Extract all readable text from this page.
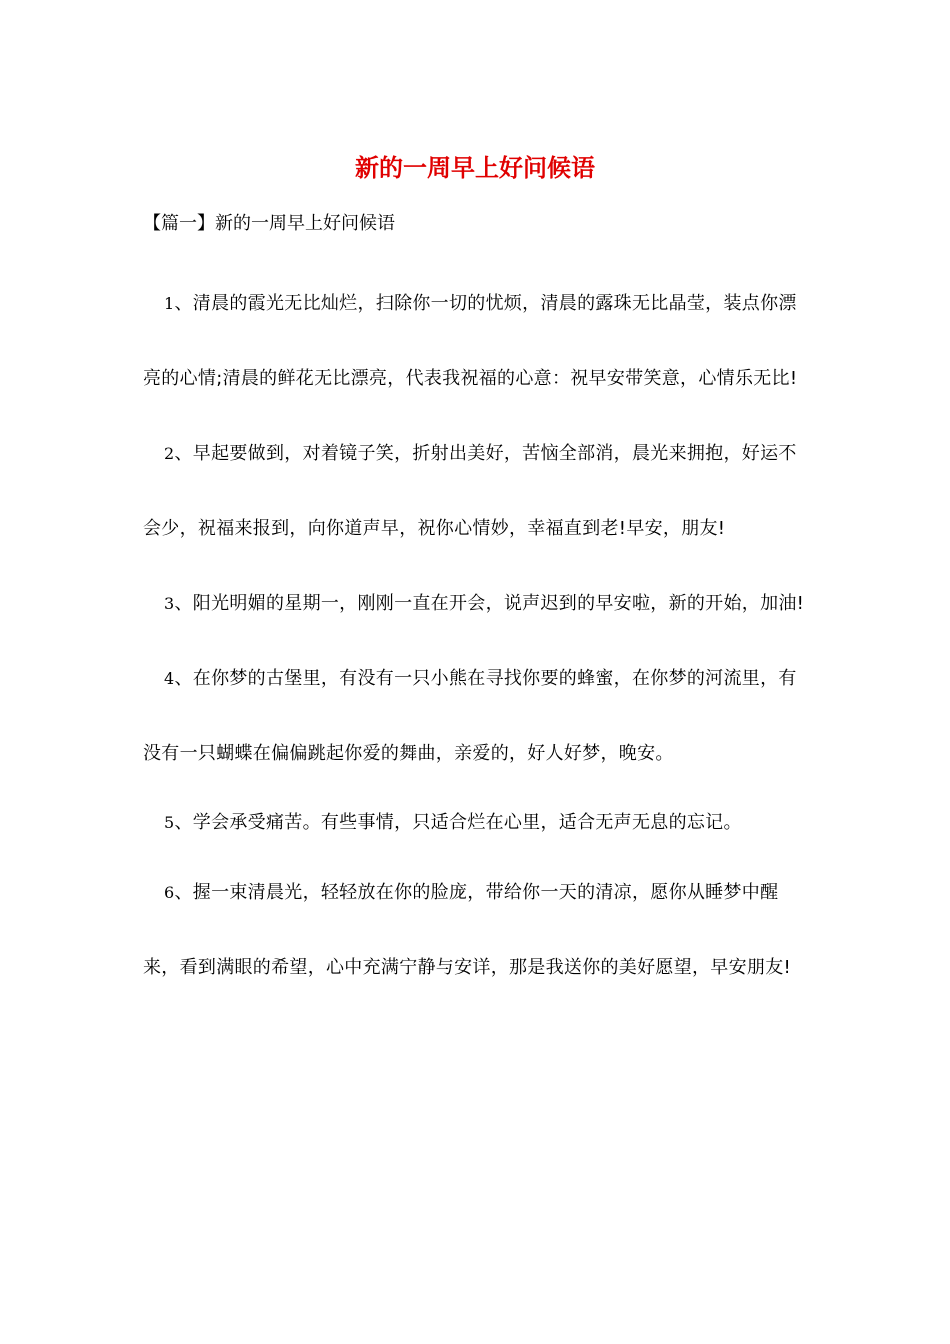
新的一周早上好问候语
【篇一】新的一周早上好问候语

1、清晨的霞光无比灿烂，扫除你一切的忧烦，清晨的露珠无比晶莹，装点你漂亮的心情;清晨的鲜花无比漂亮，代表我祝福的心意：祝早安带笑意，心情乐无比!

2、早起要做到，对着镜子笑，折射出美好，苦恼全部消，晨光来拥抱，好运不会少，祝福来报到，向你道声早，祝你心情妙，幸福直到老!早安，朋友!

3、阳光明媚的星期一，刚刚一直在开会，说声迟到的早安啦，新的开始，加油!

4、在你梦的古堡里，有没有一只小熊在寻找你要的蜂蜜，在你梦的河流里，有没有一只蝴蝶在偏偏跳起你爱的舞曲，亲爱的，好人好梦，晚安。

5、学会承受痛苦。有些事情，只适合烂在心里，适合无声无息的忘记。

6、握一束清晨光，轻轻放在你的脸庞，带给你一天的清凉，愿你从睡梦中醒来，看到满眼的希望，心中充满宁静与安详，那是我送你的美好愿望，早安朋友!
